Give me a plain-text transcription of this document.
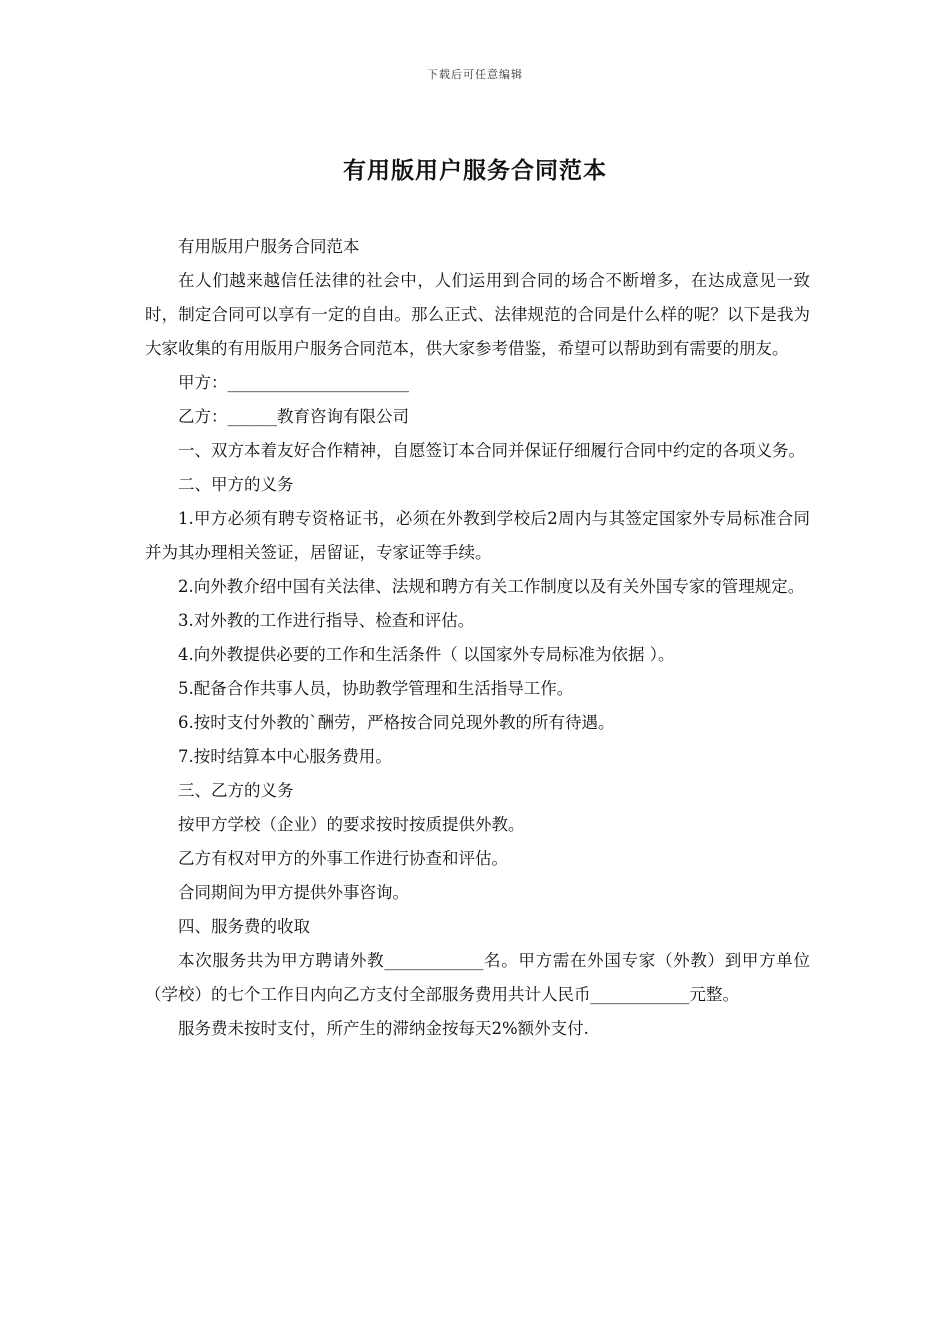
下载后可任意编辑
有用版用户服务合同范本

有用版用户服务合同范本

在人们越来越信任法律的社会中，人们运用到合同的场合不断增多，在达成意见一致时，制定合同可以享有一定的自由。那么正式、法律规范的合同是什么样的呢？以下是我为大家收集的有用版用户服务合同范本，供大家参考借鉴，希望可以帮助到有需要的朋友。

甲方：______________________

乙方：______教育咨询有限公司

一、双方本着友好合作精神，自愿签订本合同并保证仔细履行合同中约定的各项义务。

二、甲方的义务

1.甲方必须有聘专资格证书，必须在外教到学校后2周内与其签定国家外专局标准合同并为其办理相关签证，居留证，专家证等手续。

2.向外教介绍中国有关法律、法规和聘方有关工作制度以及有关外国专家的管理规定。

3.对外教的工作进行指导、检查和评估。

4.向外教提供必要的工作和生活条件（ 以国家外专局标准为依据 ）。

5.配备合作共事人员，协助教学管理和生活指导工作。

6.按时支付外教的`酬劳，严格按合同兑现外教的所有待遇。

7.按时结算本中心服务费用。

三、乙方的义务

按甲方学校（企业）的要求按时按质提供外教。

乙方有权对甲方的外事工作进行协查和评估。

合同期间为甲方提供外事咨询。

四、服务费的收取

本次服务共为甲方聘请外教____________名。甲方需在外国专家（外教）到甲方单位（学校）的七个工作日内向乙方支付全部服务费用共计人民币____________元整。

服务费未按时支付，所产生的滞纳金按每天2%额外支付.
